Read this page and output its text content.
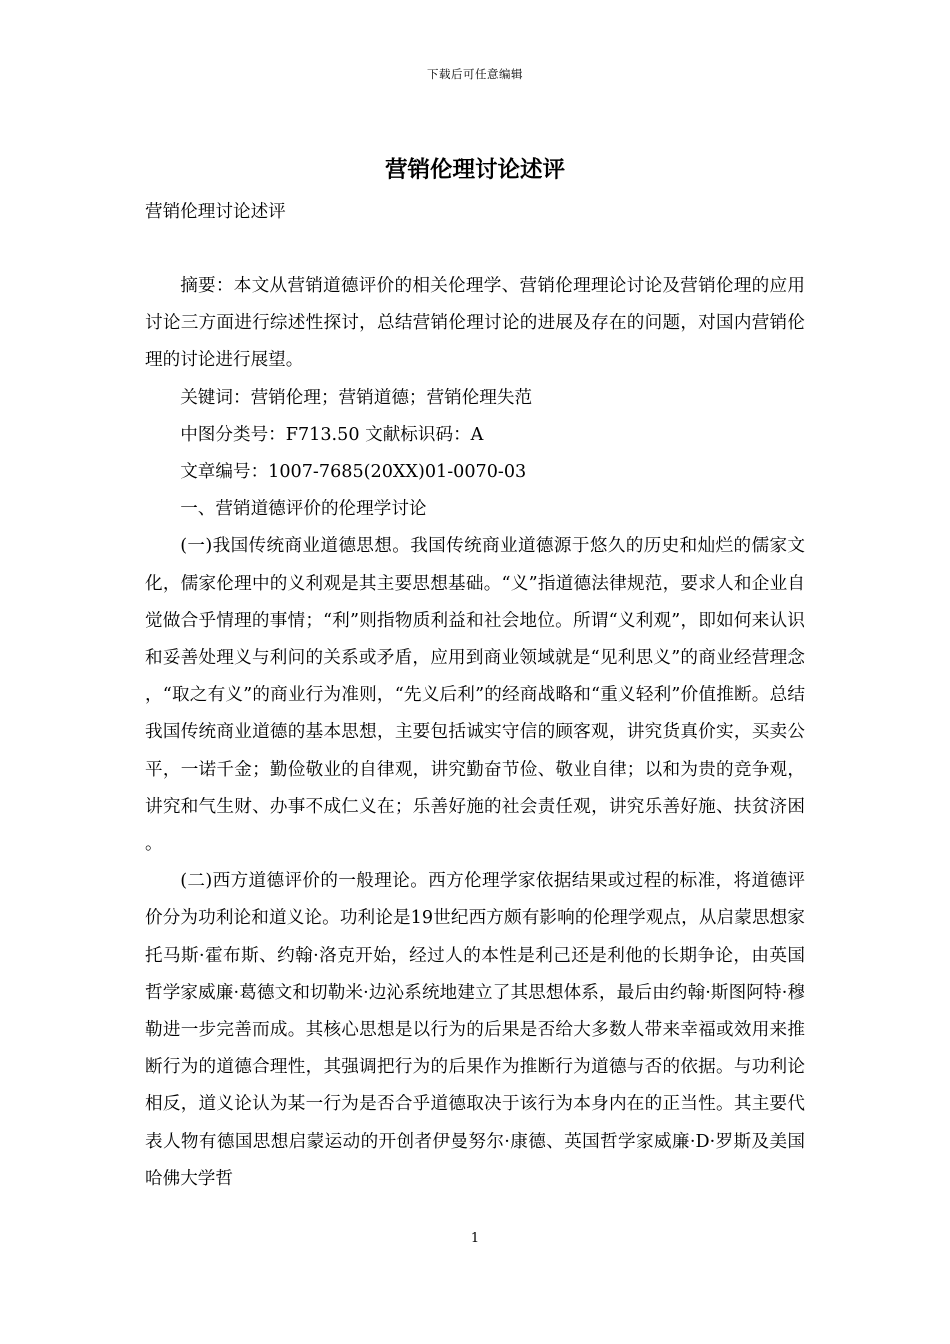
下载后可任意编辑
营销伦理讨论述评
营销伦理讨论述评

摘要：本文从营销道德评价的相关伦理学、营销伦理理论讨论及营销伦理的应用讨论三方面进行综述性探讨，总结营销伦理讨论的进展及存在的问题，对国内营销伦理的讨论进行展望。

关键词：营销伦理；营销道德；营销伦理失范

中图分类号：F713.50 文献标识码：A

文章编号：1007-7685(20XX)01-0070-03

一、营销道德评价的伦理学讨论

(一)我国传统商业道德思想。我国传统商业道德源于悠久的历史和灿烂的儒家文化，儒家伦理中的义利观是其主要思想基础。“义”指道德法律规范，要求人和企业自觉做合乎情理的事情；“利”则指物质利益和社会地位。所谓“义利观”，即如何来认识和妥善处理义与利问的关系或矛盾，应用到商业领域就是“见利思义”的商业经营理念，“取之有义”的商业行为准则，“先义后利”的经商战略和“重义轻利”价值推断。总结我国传统商业道德的基本思想，主要包括诚实守信的顾客观，讲究货真价实，买卖公平，一诺千金；勤俭敬业的自律观，讲究勤奋节俭、敬业自律；以和为贵的竞争观，讲究和气生财、办事不成仁义在；乐善好施的社会责任观，讲究乐善好施、扶贫济困。

(二)西方道德评价的一般理论。西方伦理学家依据结果或过程的标准，将道德评价分为功利论和道义论。功利论是19世纪西方颇有影响的伦理学观点，从启蒙思想家托马斯·霍布斯、约翰·洛克开始，经过人的本性是利己还是利他的长期争论，由英国哲学家威廉·葛德文和切勒米·边沁系统地建立了其思想体系，最后由约翰·斯图阿特·穆勒进一步完善而成。其核心思想是以行为的后果是否给大多数人带来幸福或效用来推断行为的道德合理性，其强调把行为的后果作为推断行为道德与否的依据。与功利论相反，道义论认为某一行为是否合乎道德取决于该行为本身内在的正当性。其主要代表人物有德国思想启蒙运动的开创者伊曼努尔·康德、英国哲学家威廉·D·罗斯及美国哈佛大学哲

1
